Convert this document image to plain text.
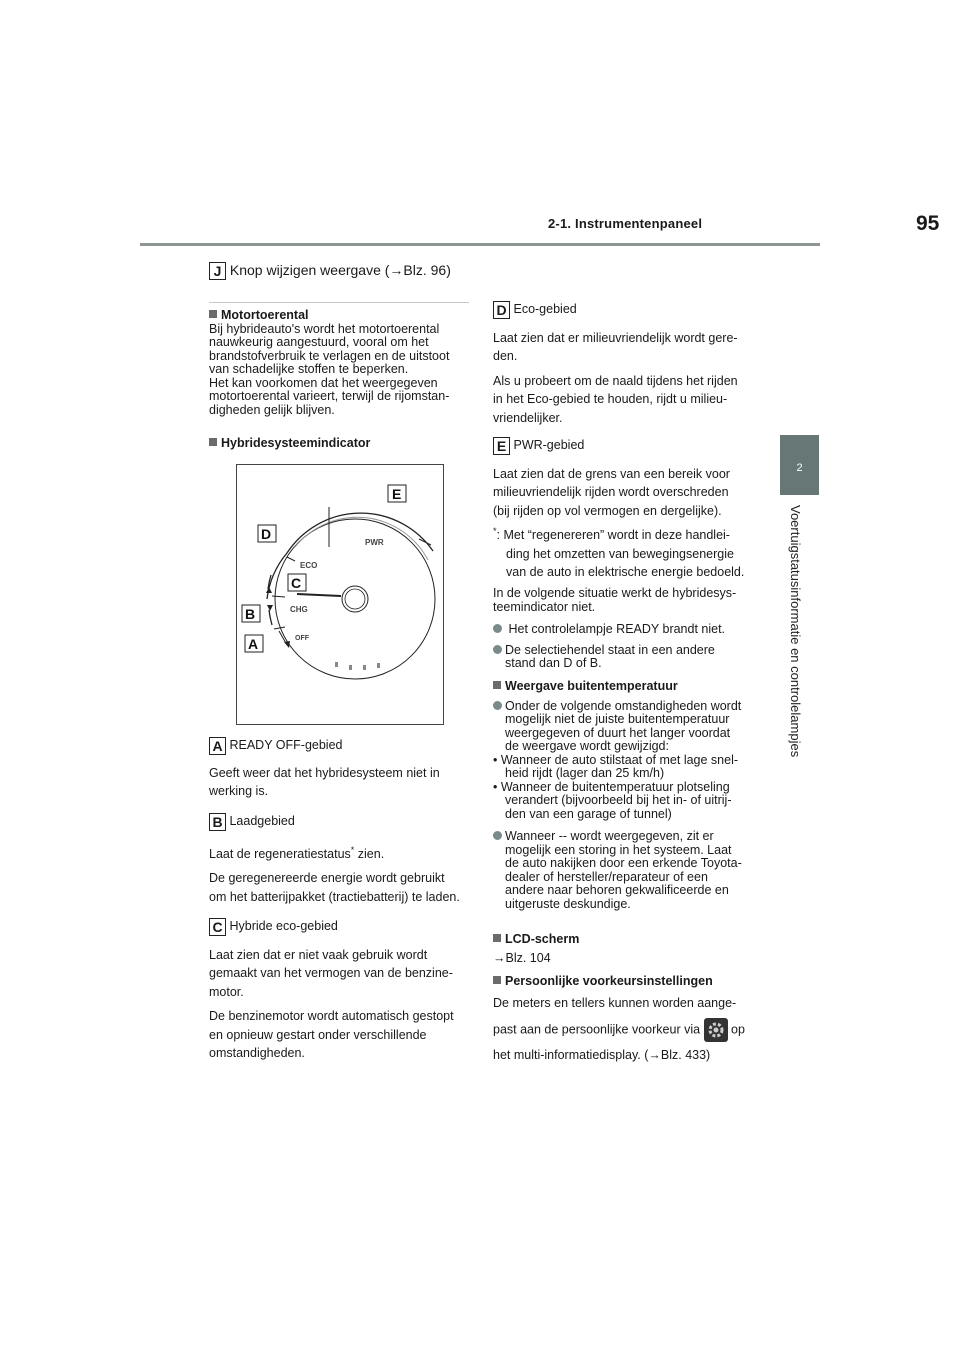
2-1. Instrumentenpaneel	95
2
Voertuigstatusinformatie en controlelampjes
J Knop wijzigen weergave (→Blz. 96)

Motortoerental

Bij hybrideauto's wordt het motortoerental

nauwkeurig aangestuurd, vooral om het

brandstofverbruik te verlagen en de uitstoot

van schadelijke stoffen te beperken.

Het kan voorkomen dat het weergegeven

motortoerental varieert, terwijl de rijomstan-

digheden gelijk blijven.

Hybridesysteemindicator

PWR
ECO
CHG
OFF
E
D
C
B
A

A READY OFF-gebied

Geeft weer dat het hybridesysteem niet in

werking is.

B Laadgebied

Laat de regeneratiestatus* zien.

De geregenereerde energie wordt gebruikt

om het batterijpakket (tractiebatterij) te laden.

C Hybride eco-gebied

Laat zien dat er niet vaak gebruik wordt

gemaakt van het vermogen van de benzine-

motor.

De benzinemotor wordt automatisch gestopt

en opnieuw gestart onder verschillende

omstandigheden.

D Eco-gebied

Laat zien dat er milieuvriendelijk wordt gere-

den.

Als u probeert om de naald tijdens het rijden

in het Eco-gebied te houden, rijdt u milieu-

vriendelijker.

E PWR-gebied

Laat zien dat de grens van een bereik voor

milieuvriendelijk rijden wordt overschreden

(bij rijden op vol vermogen en dergelijke).

*: Met “regenereren” wordt in deze handlei-

ding het omzetten van bewegingsenergie

van de auto in elektrische energie bedoeld.

In de volgende situatie werkt de hybridesys-

teemindicator niet.

Het controlelampje READY brandt niet.

De selectiehendel staat in een andere

stand dan D of B.

Weergave buitentemperatuur

Onder de volgende omstandigheden wordt

mogelijk niet de juiste buitentemperatuur

weergegeven of duurt het langer voordat

de weergave wordt gewijzigd:

• Wanneer de auto stilstaat of met lage snel-

heid rijdt (lager dan 25 km/h)

• Wanneer de buitentemperatuur plotseling

verandert (bijvoorbeeld bij het in- of uitrij-

den van een garage of tunnel)

Wanneer -- wordt weergegeven, zit er

mogelijk een storing in het systeem. Laat

de auto nakijken door een erkende Toyota-

dealer of hersteller/reparateur of een

andere naar behoren gekwalificeerde en

uitgeruste deskundige.

LCD-scherm

→Blz. 104

Persoonlijke voorkeursinstellingen

De meters en tellers kunnen worden aange-

past aan de persoonlijke voorkeur via op

het multi-informatiedisplay. (→Blz. 433)
